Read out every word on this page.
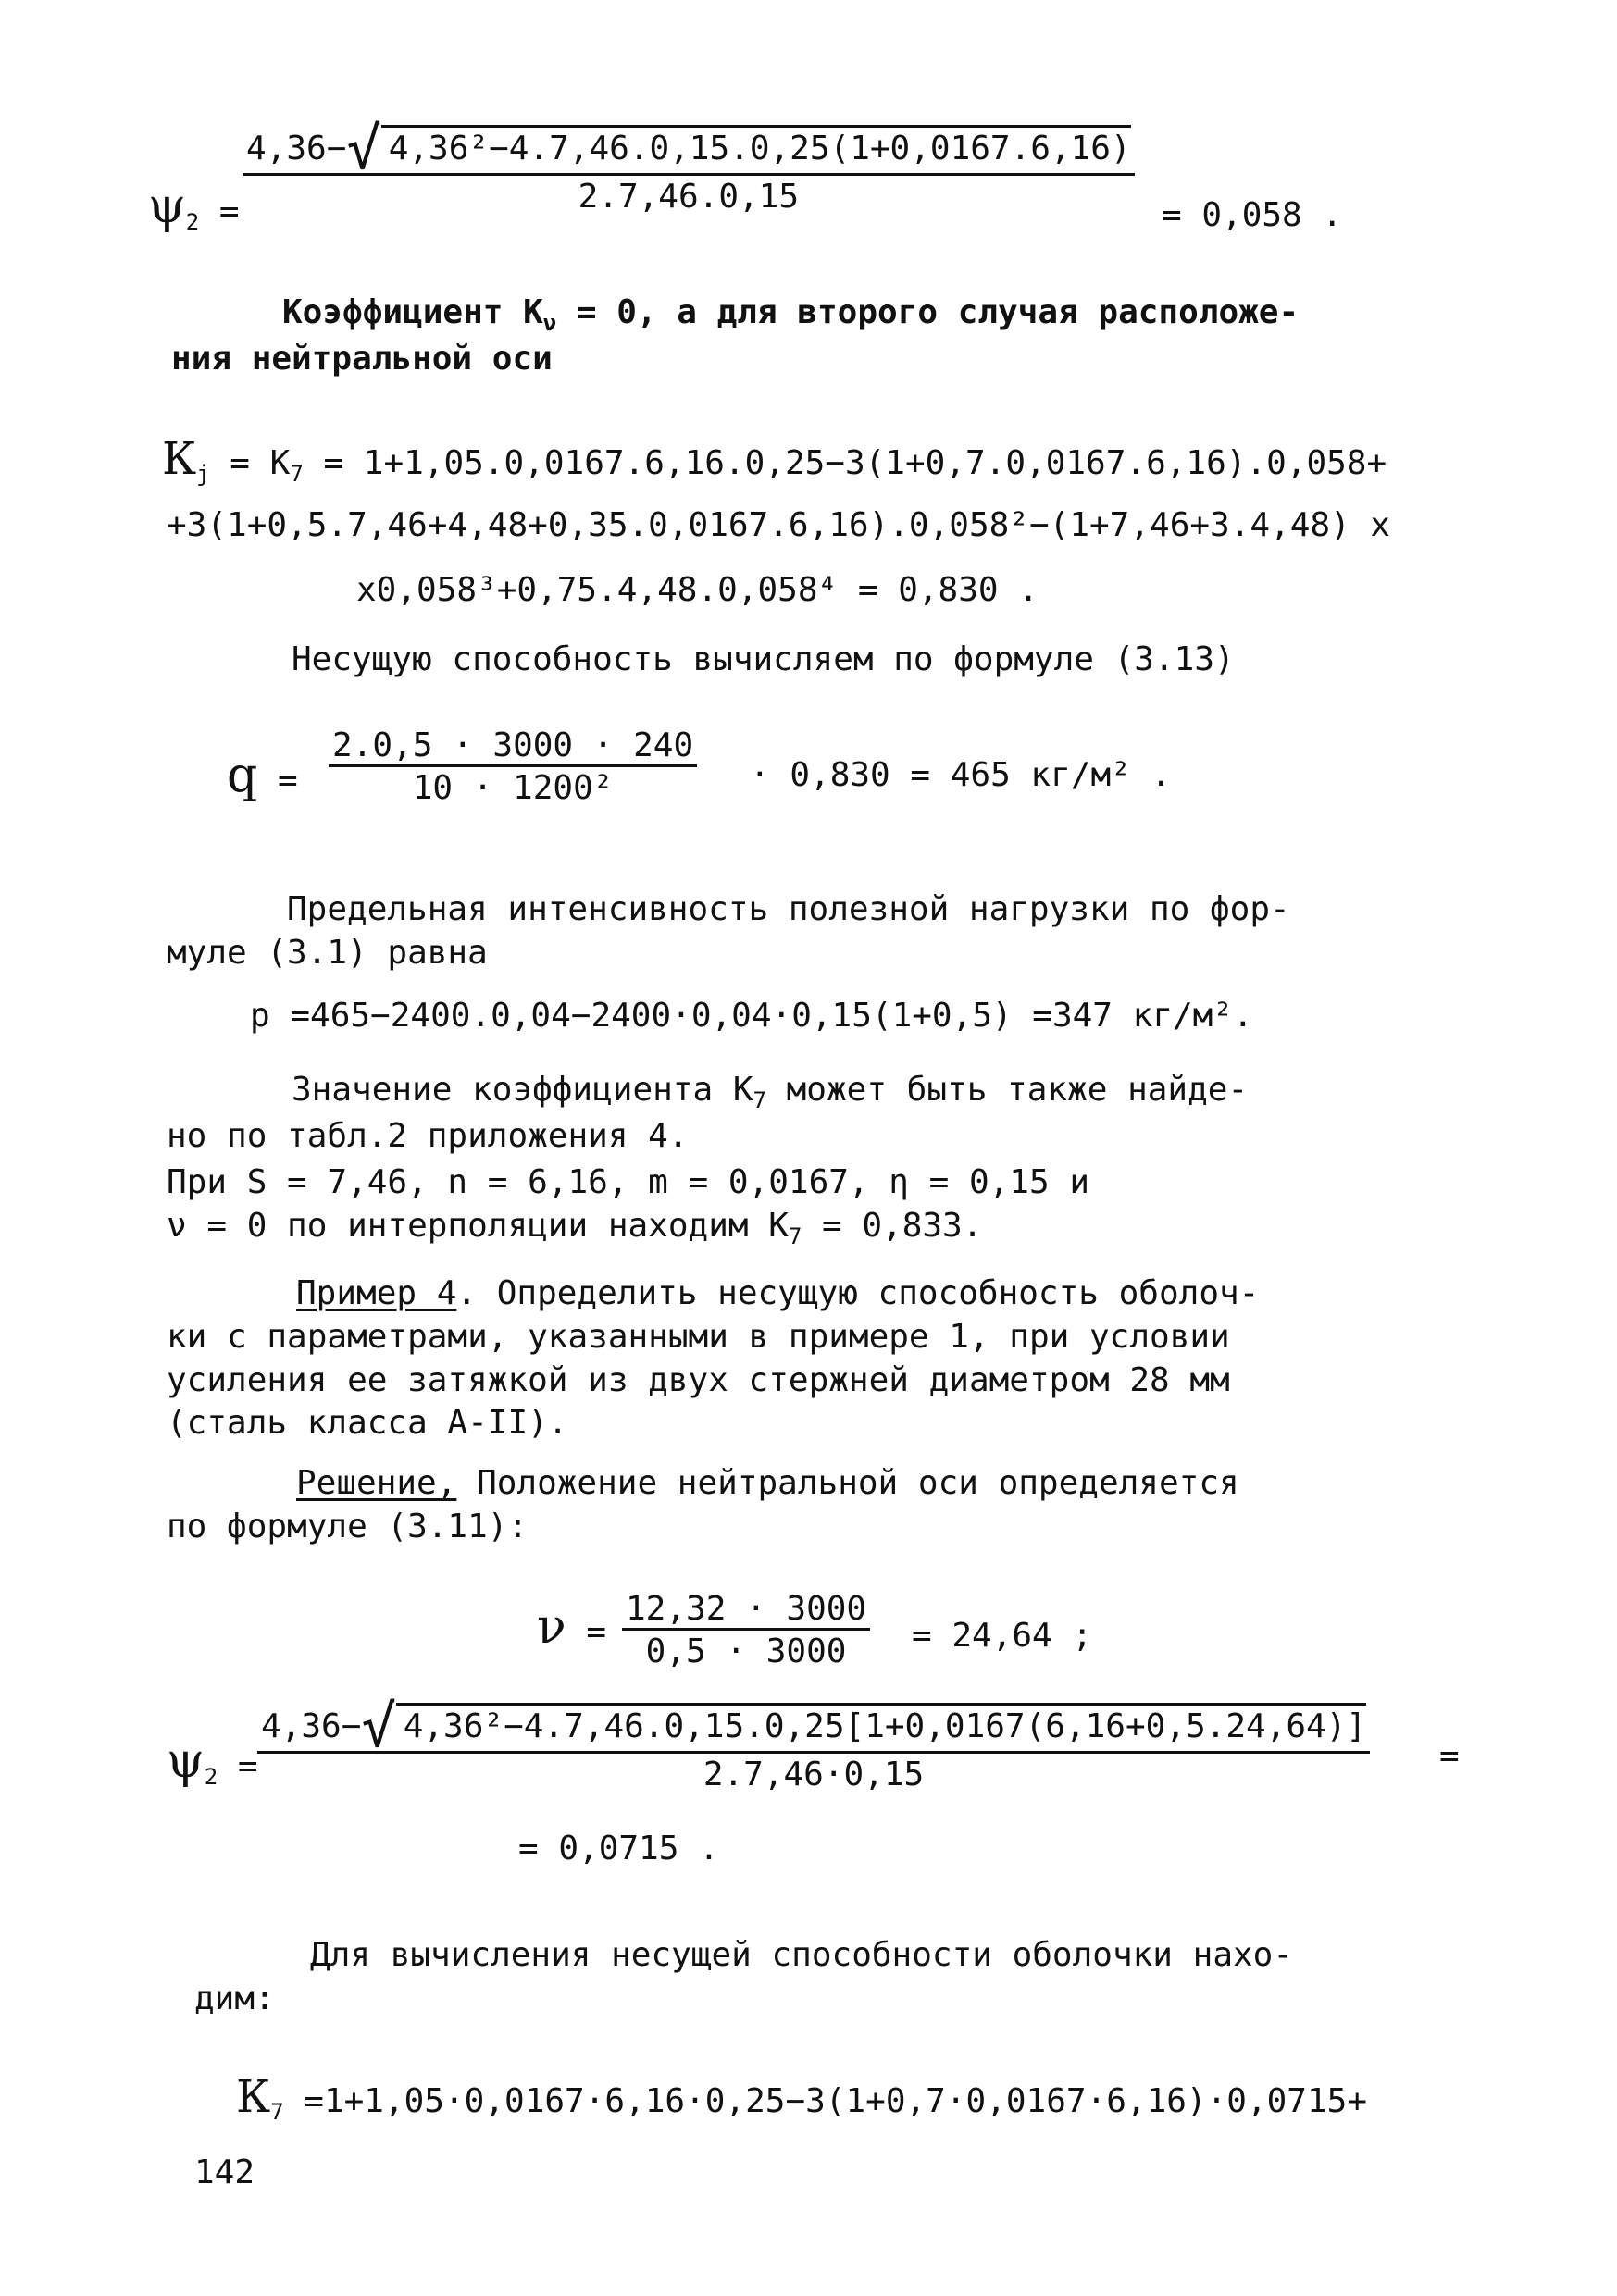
$\psi_2 = \frac{\text{4,36−√ 4,36²−4.7,46.0,15.0,25(1+0,0167.6,16)}}{2.7,46.0,15} = 0,058$ .
Коэффициент $К_\nu = 0$, а для второго случая расположе-
ния нейтральной оси
$К_j = К_7 = 1+1,05.0,0167.6,16.0,25-3(1+0,7.0,0167.6,16).0,058+$
+3(1+0,5.7,46+4,48+0,35.0,0167.6,16).0,058²−(1+7,46+3.4,48) x
x0,058³+0,75.4,48.0,058⁴ = 0,830 .
Несущую способность вычисляем по формуле (3.13)
$q = \frac{2.0,5 \cdot 3000 \cdot 240}{\text{10 · 1200²}} \cdot 0,830 = 465$ кг/м² .
Предельная интенсивность полезной нагрузки по фор-
муле (3.1) равна
p =465−2400.0,04−2400·0,04·0,15(1+0,5) =347 кг/м².
Значение коэффициента $К_7$ может быть также найде-
но по табл.2 приложения 4.
При S = 7,46, n = 6,16, m = 0,0167, η = 0,15 и
ν = 0 по интерполяции находим $К_7 = 0,833$.
Пример 4. Определить несущую способность оболоч-
ки с параметрами, указанными в примере 1, при условии
усиления ее затяжкой из двух стержней диаметром 28 мм
(сталь класса А-II).
Решение, Положение нейтральной оси определяется
по формуле (3.11):
$\nu = \frac{12,32 \cdot 3000}{0,5 \cdot 3000} = 24,64$ ;
$\psi_2 = \frac{\text{4,36−√ 4,36²−4.7,46.0,15.0,25[1+0,0167(6,16+0,5.24,64)]}}{2.7,46\cdot 0,15}$ =
= 0,0715 .
Для вычисления несущей способности оболочки нахо-
дим:
$К_7 =1+1,05\cdot 0,0167\cdot 6,16\cdot 0,25-3(1+0,7\cdot 0,0167\cdot 6,16)\cdot 0,0715+$
142
